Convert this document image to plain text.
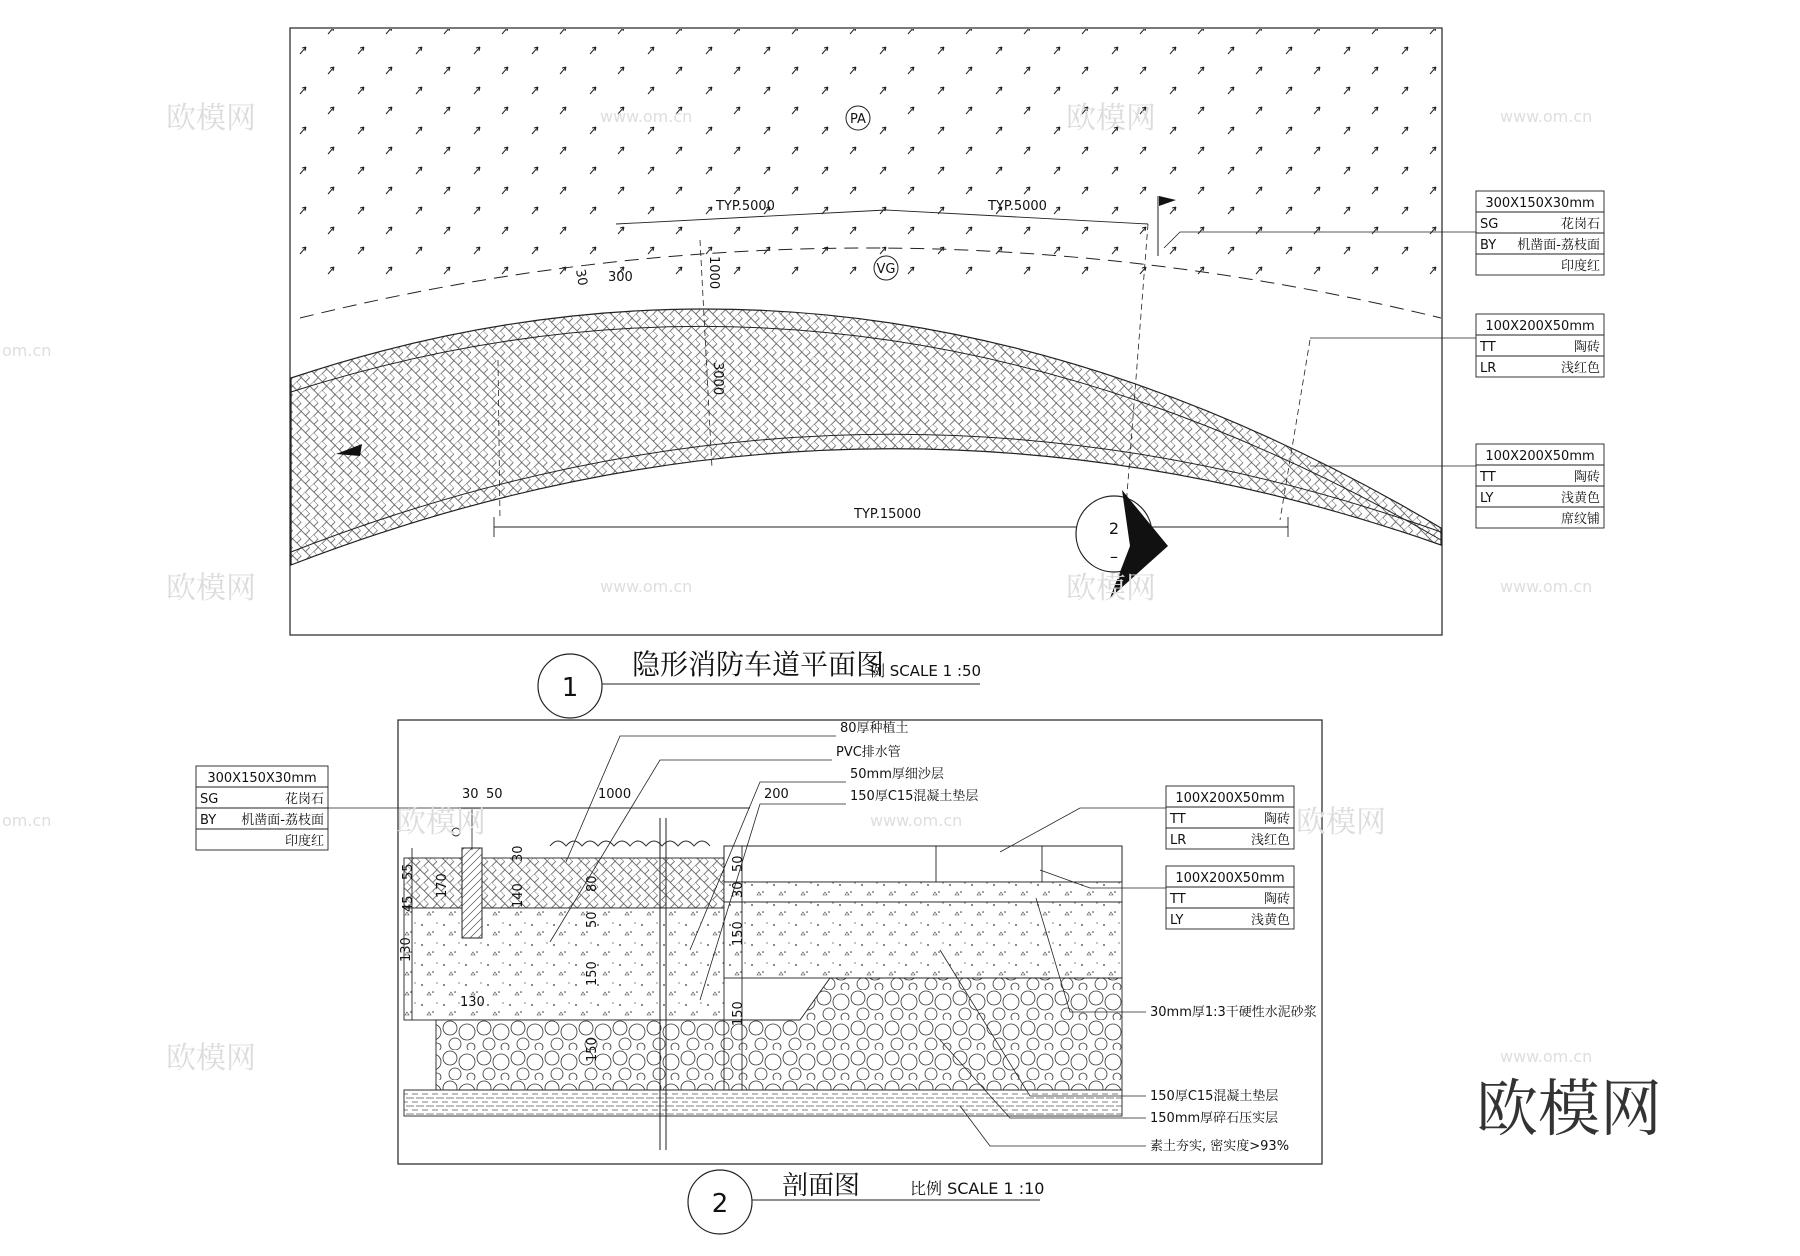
TYP.5000	TYP.5000
30 300	1000
3000
TYP.15000
PA
VG
2
–
1
隐形消防车道平面图
例 SCALE 1 :50
300X150X30mm
SG	花岗石
BY 机凿面-荔枝面
印度红
100X200X50mm
TT	陶砖
LR	浅红色
100X200X50mm
TT	陶砖
LY	浅黄色
席纹铺
30 50	1000	200
55
45
130
170
130
140
30
80
50
150
150
50
30
150
150
80厚种植土
PVC排水管
50mm厚细沙层
150厚C15混凝土垫层
30mm厚1:3干硬性水泥砂浆
150厚C15混凝土垫层
150mm厚碎石压实层
素土夯实, 密实度>93%
300X150X30mm
SG	花岗石
BY 机凿面-荔枝面
印度红
100X200X50mm
TT	陶砖
LR	浅红色
100X200X50mm
TT	陶砖
LY	浅黄色
2
剖面图	比例 SCALE 1 :10
欧模网	欧模网
欧模网	欧模网
欧模网	欧模网
欧模网
www.om.cn	www.om.cn
www.om.cn	www.om.cn
www.om.cn
www.om.cn
om.cn
om.cn
欧模网
